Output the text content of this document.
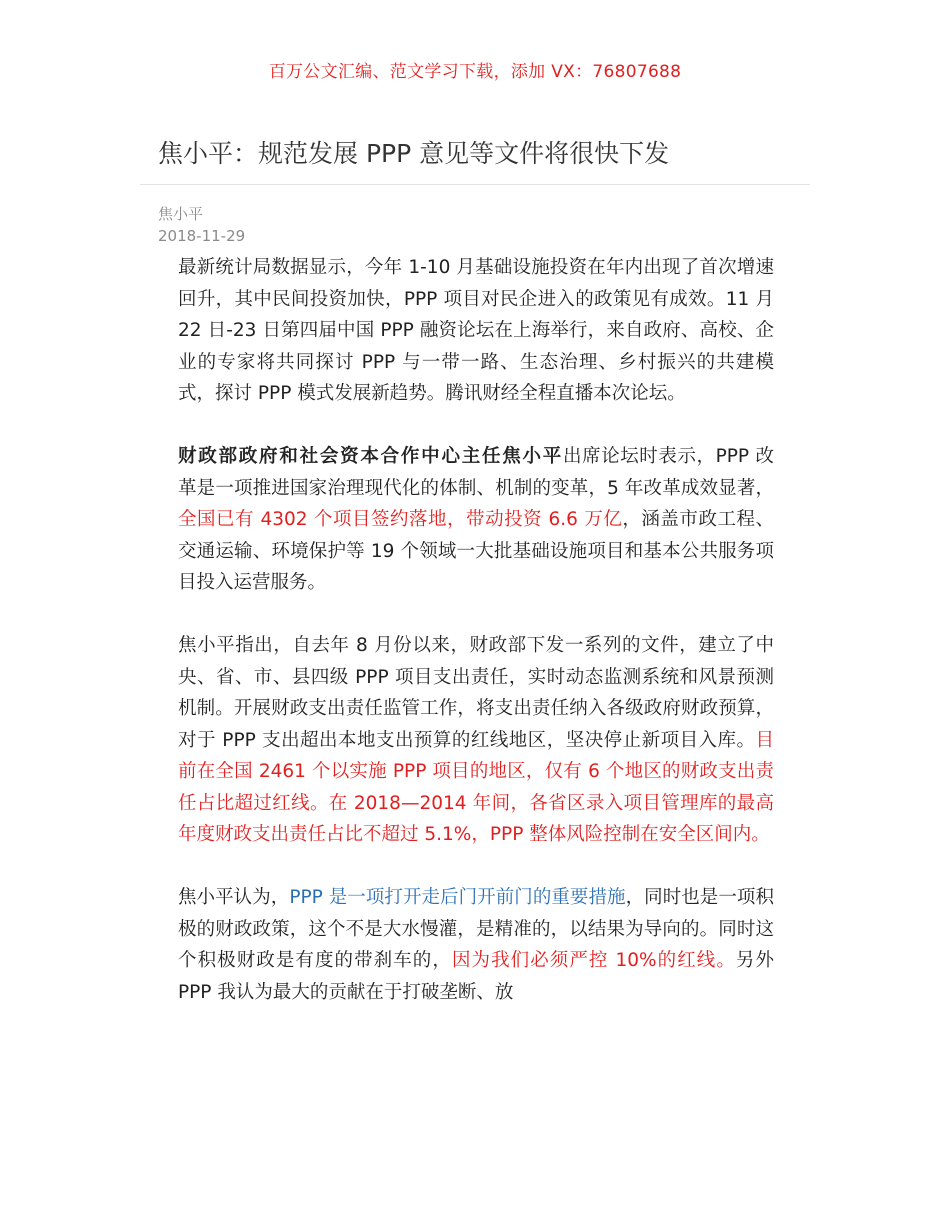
百万公文汇编、范文学习下载，添加 VX：76807688
焦小平：规范发展 PPP 意见等文件将很快下发
焦小平
2018-11-29

最新统计局数据显示，今年 1-10 月基础设施投资在年内出现了首次增速回升，其中民间投资加快，PPP 项目对民企进入的政策见有成效。11 月 22 日-23 日第四届中国 PPP 融资论坛在上海举行，来自政府、高校、企业的专家将共同探讨 PPP 与一带一路、生态治理、乡村振兴的共建模式，探讨 PPP 模式发展新趋势。腾讯财经全程直播本次论坛。

财政部政府和社会资本合作中心主任焦小平出席论坛时表示，PPP 改革是一项推进国家治理现代化的体制、机制的变革，5 年改革成效显著，全国已有 4302 个项目签约落地，带动投资 6.6 万亿，涵盖市政工程、交通运输、环境保护等 19 个领域一大批基础设施项目和基本公共服务项目投入运营服务。

焦小平指出，自去年 8 月份以来，财政部下发一系列的文件，建立了中央、省、市、县四级 PPP 项目支出责任，实时动态监测系统和风景预测机制。开展财政支出责任监管工作，将支出责任纳入各级政府财政预算，对于 PPP 支出超出本地支出预算的红线地区，坚决停止新项目入库。目前在全国 2461 个以实施 PPP 项目的地区，仅有 6 个地区的财政支出责任占比超过红线。在 2018—2014 年间，各省区录入项目管理库的最高年度财政支出责任占比不超过 5.1%，PPP 整体风险控制在安全区间内。

焦小平认为，PPP 是一项打开走后门开前门的重要措施，同时也是一项积极的财政政策，这个不是大水慢灌，是精准的，以结果为导向的。同时这个积极财政是有度的带刹车的，因为我们必须严控 10%的红线。另外 PPP 我认为最大的贡献在于打破垄断、放
